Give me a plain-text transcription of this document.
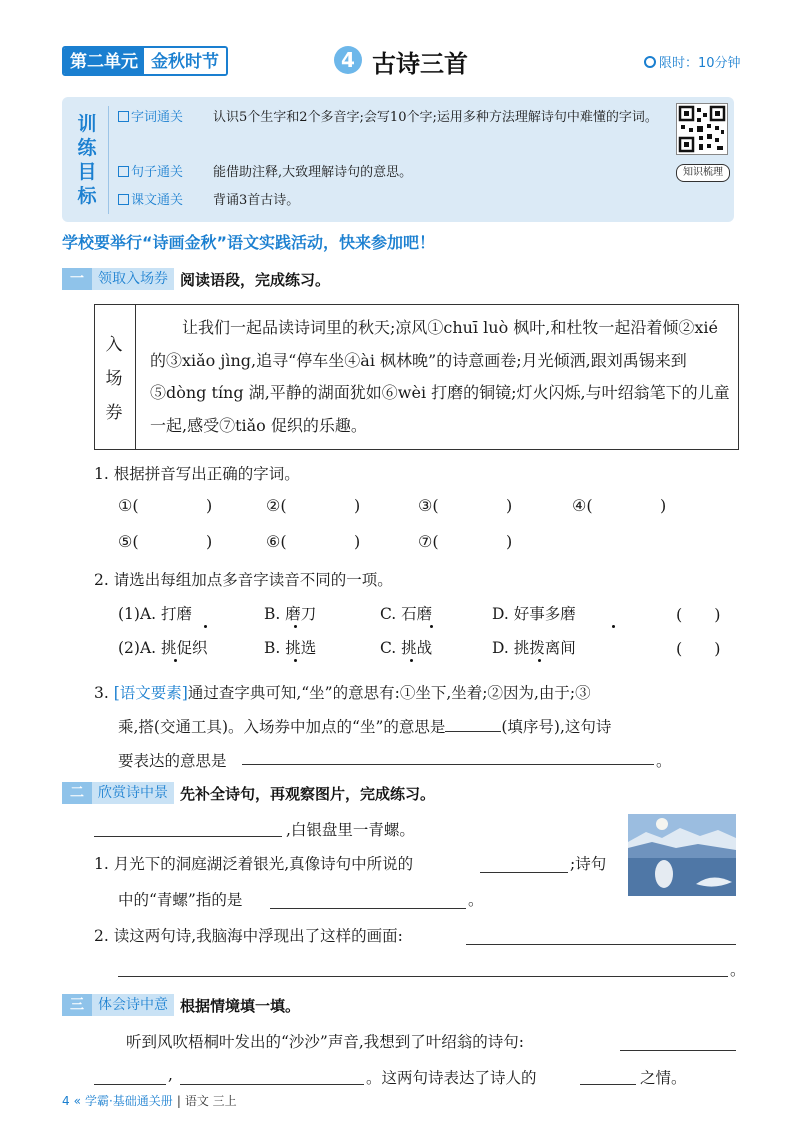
第二单元 金秋时节	4 古诗三首	限时：10分钟
训
练
目
标
字词通关	认识5个生字和2个多音字;会写10个字;运用多种方法理解诗句中难懂的字词。
句子通关	能借助注释,大致理解诗句的意思。
课文通关	背诵3首古诗。
知识梳理
学校要举行“诗画金秋”语文实践活动，快来参加吧！
一	领取入场券 阅读语段，完成练习。
入
场
券
让我们一起品读诗词里的秋天;凉风①chuī luò 枫叶,和杜牧一起沿着倾②xié 的③xiǎo jìng,追寻“停车坐④ài 枫林晚”的诗意画卷;月光倾洒,跟刘禹锡来到⑤dòng tíng 湖,平静的湖面犹如⑥wèi 打磨的铜镜;灯火闪烁,与叶绍翁笔下的儿童一起,感受⑦tiǎo 促织的乐趣。
1. 根据拼音写出正确的字词。
①(	)	②(	)	③(	)	④(	)
⑤(	)	⑥(	)	⑦(	)
2. 请选出每组加点多音字读音不同的一项。
(1)A. 打磨	B. 磨刀	C. 石磨	D. 好事多磨	(　　)
(2)A. 挑促织	B. 挑选	C. 挑战	D. 挑拨离间	(　　)
3. [语文要素]通过查字典可知,“坐”的意思有:①坐下,坐着;②因为,由于;③
乘,搭(交通工具)。入场券中加点的“坐”的意思是	(填序号),这句诗
要表达的意思是	。
二	欣赏诗中景 先补全诗句，再观察图片，完成练习。
,白银盘里一青螺。
1. 月光下的洞庭湖泛着银光,真像诗句中所说的	;诗句
中的“青螺”指的是	。
2. 读这两句诗,我脑海中浮现出了这样的画面:
。
三	体会诗中意 根据情境填一填。
听到风吹梧桐叶发出的“沙沙”声音,我想到了叶绍翁的诗句:
,	。这两句诗表达了诗人的	之情。
4 « 学霸·基础通关册 | 语文 三上
